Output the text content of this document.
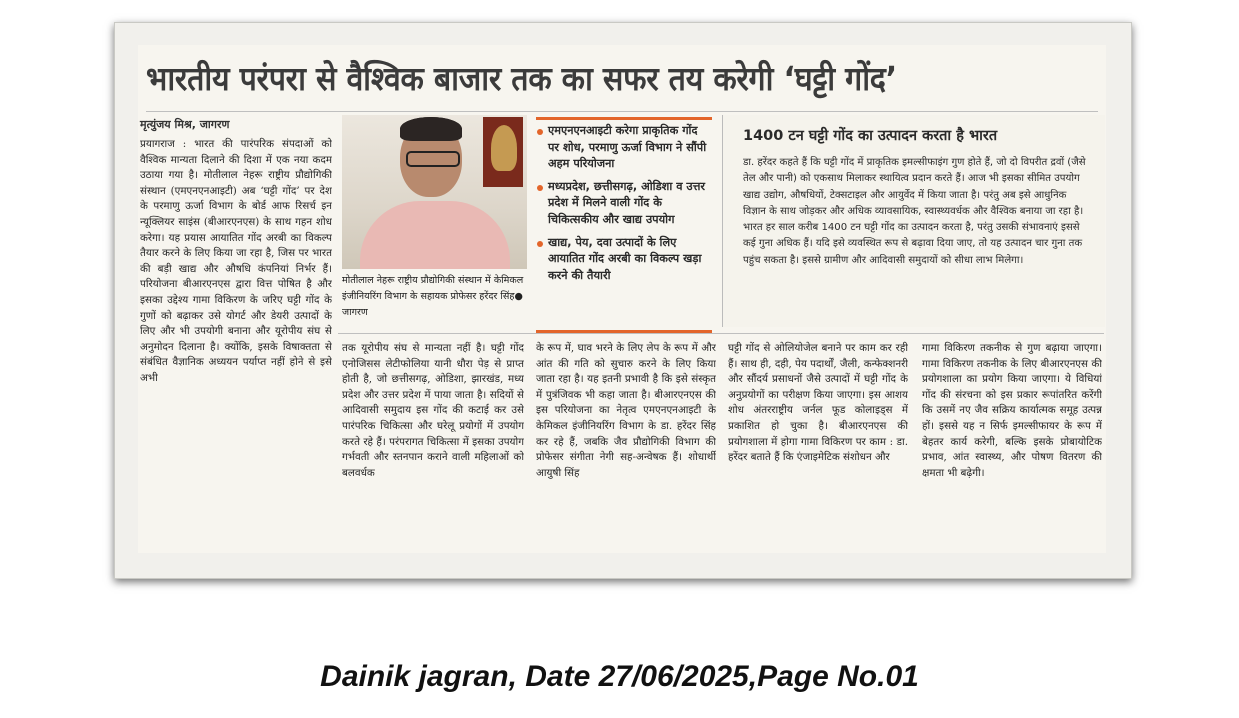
भारतीय परंपरा से वैश्विक बाजार तक का सफर तय करेगी ‘घट्टी गोंद’
मृत्युंजय मिश्र, जागरण
प्रयागराज : भारत की पारंपरिक संपदाओं को वैश्विक मान्यता दिलाने की दिशा में एक नया कदम उठाया गया है। मोतीलाल नेहरू राष्ट्रीय प्रौद्योगिकी संस्थान (एमएनएनआइटी) अब ‘घट्टी गोंद’ पर देश के परमाणु ऊर्जा विभाग के बोर्ड आफ रिसर्च इन न्यूक्लियर साइंस (बीआरएनएस) के साथ गहन शोध करेगा। यह प्रयास आयातित गोंद अरबी का विकल्प तैयार करने के लिए किया जा रहा है, जिस पर भारत की बड़ी खाद्य और औषधि कंपनियां निर्भर हैं। परियोजना बीआरएनएस द्वारा वित्त पोषित है और इसका उद्देश्य गामा विकिरण के जरिए घट्टी गोंद के गुणों को बढ़ाकर उसे योगर्ट और डेयरी उत्पादों के लिए और भी उपयोगी बनाना और यूरोपीय संघ से अनुमोदन दिलाना है। क्योंकि, इसके विषाक्तता से संबंधित वैज्ञानिक अध्ययन पर्याप्त नहीं होने से इसे अभी
मोतीलाल नेहरू राष्ट्रीय प्रौद्योगिकी संस्थान में केमिकल इंजीनियरिंग विभाग के सहायक प्रोफेसर हरेंदर सिंह● जागरण
एमएनएनआइटी करेगा प्राकृतिक गोंद पर शोध, परमाणु ऊर्जा विभाग ने सौंपी अहम परियोजना
मध्यप्रदेश, छत्तीसगढ़, ओडिशा व उत्तर प्रदेश में मिलने वाली गोंद के चिकित्सकीय और खाद्य उपयोग
खाद्य, पेय, दवा उत्पादों के लिए आयातित गोंद अरबी का विकल्प खड़ा करने की तैयारी
1400 टन घट्टी गोंद का उत्पादन करता है भारत
डा. हरेंदर कहते हैं कि घट्टी गोंद में प्राकृतिक इमल्सीफाइंग गुण होते हैं, जो दो विपरीत द्रवों (जैसे तेल और पानी) को एकसाथ मिलाकर स्थायित्व प्रदान करते हैं। आज भी इसका सीमित उपयोग खाद्य उद्योग, औषधियों, टेक्सटाइल और आयुर्वेद में किया जाता है। परंतु अब इसे आधुनिक विज्ञान के साथ जोड़कर और अधिक व्यावसायिक, स्वास्थ्यवर्धक और वैश्विक बनाया जा रहा है। भारत हर साल करीब 1400 टन घट्टी गोंद का उत्पादन करता है, परंतु उसकी संभावनाएं इससे कई गुना अधिक हैं। यदि इसे व्यवस्थित रूप से बढ़ावा दिया जाए, तो यह उत्पादन चार गुना तक पहुंच सकता है। इससे ग्रामीण और आदिवासी समुदायों को सीधा लाभ मिलेगा।
तक यूरोपीय संघ से मान्यता नहीं है। घट्टी गोंद एनोजिसस लेटीफोलिया यानी धौरा पेड़ से प्राप्त होती है, जो छत्तीसगढ़, ओडिशा, झारखंड, मध्य प्रदेश और उत्तर प्रदेश में पाया जाता है। सदियों से आदिवासी समुदाय इस गोंद की कटाई कर उसे पारंपरिक चिकित्सा और घरेलू प्रयोगों में उपयोग करते रहे हैं। परंपरागत चिकित्सा में इसका उपयोग गर्भवती और स्तनपान कराने वाली महिलाओं को बलवर्धक
के रूप में, घाव भरने के लिए लेप के रूप में और आंत की गति को सुचारु करने के लिए किया जाता रहा है। यह इतनी प्रभावी है कि इसे संस्कृत में पुत्रंजिवक भी कहा जाता है। बीआरएनएस की इस परियोजना का नेतृत्व एमएनएनआइटी के केमिकल इंजीनियरिंग विभाग के डा. हरेंदर सिंह कर रहे हैं, जबकि जैव प्रौद्योगिकी विभाग की प्रोफेसर संगीता नेगी सह-अन्वेषक हैं। शोधार्थी आयुषी सिंह
घट्टी गोंद से ओलियोजेल बनाने पर काम कर रही हैं। साथ ही, दही, पेय पदार्थों, जैली, कन्फेक्शनरी और सौंदर्य प्रसाधनों जैसे उत्पादों में घट्टी गोंद के अनुप्रयोगों का परीक्षण किया जाएगा। इस आशय शोध अंतरराष्ट्रीय जर्नल फूड कोलाइड्स में प्रकाशित हो चुका है। बीआरएनएस की प्रयोगशाला में होगा गामा विकिरण पर काम : डा. हरेंदर बताते हैं कि एंजाइमेटिक संशोधन और
गामा विकिरण तकनीक से गुण बढ़ाया जाएगा। गामा विकिरण तकनीक के लिए बीआरएनएस की प्रयोगशाला का प्रयोग किया जाएगा। ये विधियां गोंद की संरचना को इस प्रकार रूपांतरित करेंगी कि उसमें नए जैव सक्रिय कार्यात्मक समूह उत्पन्न हों। इससे यह न सिर्फ इमल्सीफायर के रूप में बेहतर कार्य करेगी, बल्कि इसके प्रोबायोटिक प्रभाव, आंत स्वास्थ्य, और पोषण वितरण की क्षमता भी बढ़ेगी।
Dainik jagran, Date 27/06/2025,Page No.01
